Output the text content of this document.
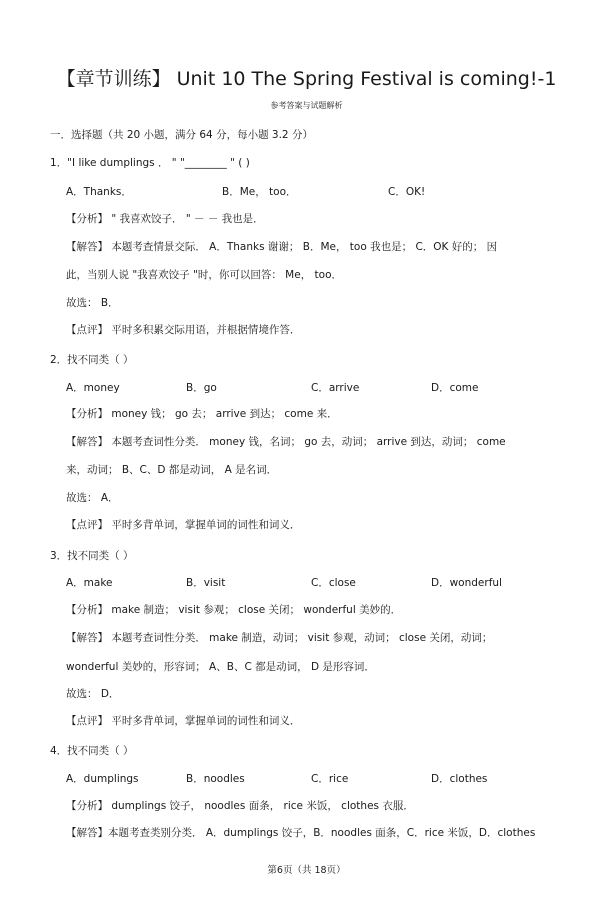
【章节训练】 Unit 10 The Spring Festival is coming!-1
参考答案与试题解析
一．选择题（共 20 小题，满分 64 分，每小题 3.2 分）
1．"I like dumplings ． " "________ " ( )
A．Thanks．	B．Me， too．	C．OK!
【分析】 " 我喜欢饺子． " － － 我也是．
【解答】 本题考查情景交际． A．Thanks 谢谢； B．Me， too 我也是； C．OK 好的； 因
此，当别人说 "我喜欢饺子 "时，你可以回答： Me， too．
故选： B．
【点评】 平时多积累交际用语，并根据情境作答．
2．找不同类（ ）
A．money	B．go	C．arrive	D．come
【分析】 money 钱； go 去； arrive 到达； come 来．
【解答】 本题考查词性分类． money 钱，名词； go 去，动词； arrive 到达，动词； come
来，动词； B、C、D 都是动词， A 是名词．
故选： A．
【点评】 平时多背单词，掌握单词的词性和词义．
3．找不同类（ ）
A．make	B．visit	C．close	D．wonderful
【分析】 make 制造； visit 参观； close 关闭； wonderful 美妙的．
【解答】 本题考查词性分类． make 制造，动词； visit 参观，动词； close 关闭，动词；
wonderful 美妙的，形容词； A、B、C 都是动词， D 是形容词．
故选： D．
【点评】 平时多背单词，掌握单词的词性和词义．
4．找不同类（ ）
A．dumplings	B．noodles	C．rice	D．clothes
【分析】 dumplings 饺子， noodles 面条， rice 米饭， clothes 衣服．
【解答】本题考查类别分类． A．dumplings 饺子，B．noodles 面条，C．rice 米饭，D．clothes
第6页（共 18页）
